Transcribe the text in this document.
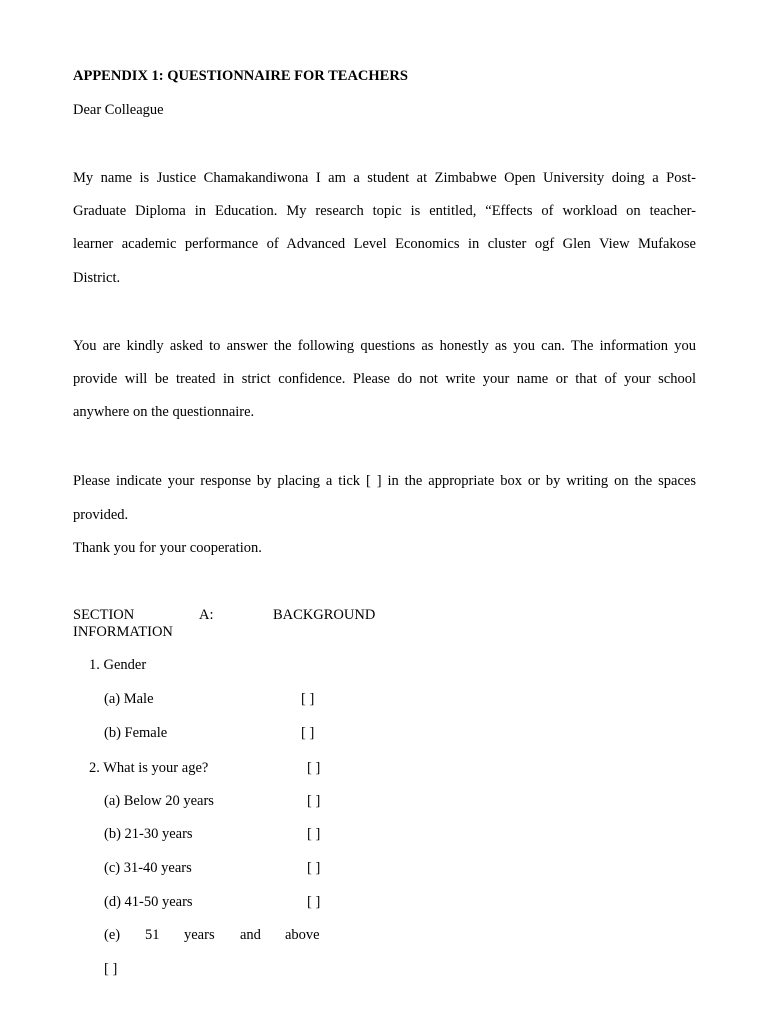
APPENDIX 1: QUESTIONNAIRE FOR TEACHERS
Dear Colleague
My name is Justice Chamakandiwona I am a student at Zimbabwe Open University doing a Post-
Graduate Diploma in Education. My research topic is entitled, “Effects of workload on teacher-
learner academic performance of Advanced Level Economics in cluster ogf Glen View Mufakose
District.
You are kindly asked to answer the following questions as honestly as you can. The information you
provide will be treated in strict confidence. Please do not write your name or that of your school
anywhere on the questionnaire.
Please indicate your response by placing a tick [ ] in the appropriate box or by writing on the spaces
provided.
Thank you for your cooperation.
SECTION	A:	BACKGROUND
INFORMATION
1. Gender
(a) Male	[ ]
(b) Female	[ ]
2. What is your age?	[ ]
(a) Below 20 years	[ ]
(b) 21-30 years	[ ]
(c) 31-40 years	[ ]
(d) 41-50 years	[ ]
(e) 51 years and above
[ ]
